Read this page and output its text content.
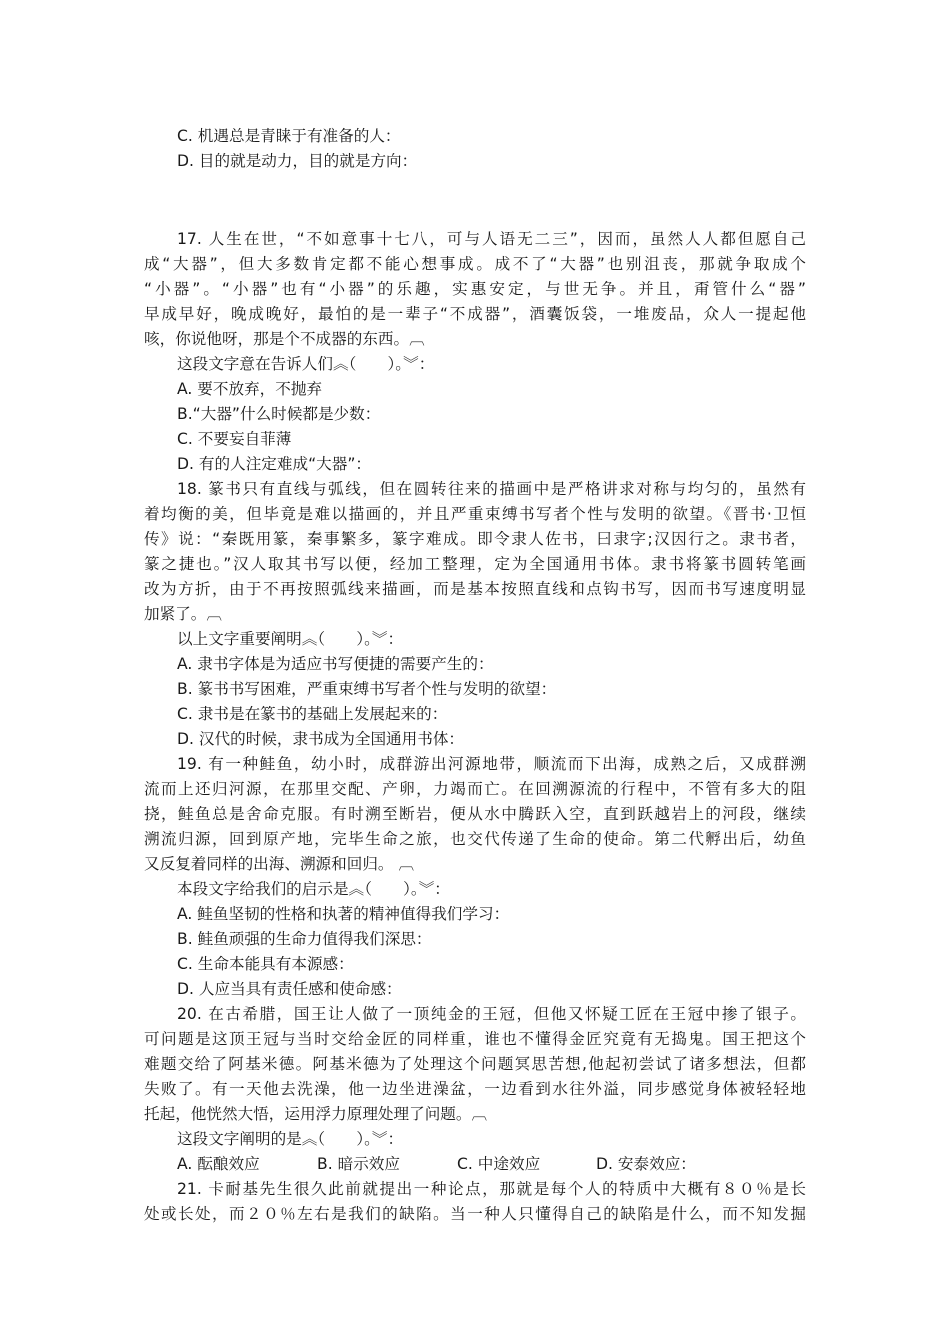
C. 机遇总是青睐于有准备的人：
D. 目的就是动力，目的就是方向：
17. 人生在世，“不如意事十七八，可与人语无二三”，因而，虽然人人都但愿自己
成“大器”，但大多数肯定都不能心想事成。成不了“大器”也别沮丧，那就争取成个
“小器”。“小器”也有“小器”的乐趣，实惠安定，与世无争。并且，甭管什么“器”
早成早好，晚成晚好，最怕的是一辈子“不成器”，酒囊饭袋，一堆废品，众人一提起他
咳，你说他呀，那是个不成器的东西。︹
这段文字意在告诉人们︽（　　）。︾：
A. 要不放弃，不抛弃
B.“大器”什么时候都是少数：
C. 不要妄自菲薄
D. 有的人注定难成“大器”：
18. 篆书只有直线与弧线，但在圆转往来的描画中是严格讲求对称与均匀的，虽然有
着均衡的美，但毕竟是难以描画的，并且严重束缚书写者个性与发明的欲望。《晋书·卫恒
传》说：“秦既用篆，秦事繁多，篆字难成。即令隶人佐书，曰隶字;汉因行之。隶书者，
篆之捷也。”汉人取其书写以便，经加工整理，定为全国通用书体。隶书将篆书圆转笔画
改为方折，由于不再按照弧线来描画，而是基本按照直线和点钩书写，因而书写速度明显
加紧了。︹
以上文字重要阐明︽（　　）。︾：
A. 隶书字体是为适应书写便捷的需要产生的：
B. 篆书书写困难，严重束缚书写者个性与发明的欲望：
C. 隶书是在篆书的基础上发展起来的：
D. 汉代的时候，隶书成为全国通用书体：
19. 有一种鲑鱼，幼小时，成群游出河源地带，顺流而下出海，成熟之后，又成群溯
流而上还归河源，在那里交配、产卵，力竭而亡。在回溯源流的行程中，不管有多大的阻
挠，鲑鱼总是舍命克服。有时溯至断岩，便从水中腾跃入空，直到跃越岩上的河段，继续
溯流归源，回到原产地，完毕生命之旅，也交代传递了生命的使命。第二代孵出后，幼鱼
又反复着同样的出海、溯源和回归。 ︹
本段文字给我们的启示是︽（　　）。︾：
A. 鲑鱼坚韧的性格和执著的精神值得我们学习：
B. 鲑鱼顽强的生命力值得我们深思：
C. 生命本能具有本源感：
D. 人应当具有责任感和使命感：
20. 在古希腊，国王让人做了一顶纯金的王冠，但他又怀疑工匠在王冠中掺了银子。
可问题是这顶王冠与当时交给金匠的同样重，谁也不懂得金匠究竟有无捣鬼。国王把这个
难题交给了阿基米德。阿基米德为了处理这个问题冥思苦想,他起初尝试了诸多想法，但都
失败了。有一天他去洗澡，他一边坐进澡盆，一边看到水往外溢，同步感觉身体被轻轻地
托起，他恍然大悟，运用浮力原理处理了问题。︹
这段文字阐明的是︽（　　）。︾：
A. 酝酿效应	B. 暗示效应	C. 中途效应	D. 安泰效应：
21. 卡耐基先生很久此前就提出一种论点，那就是每个人的特质中大概有８０％是长
处或长处，而２０％左右是我们的缺陷。当一种人只懂得自己的缺陷是什么，而不知发掘
